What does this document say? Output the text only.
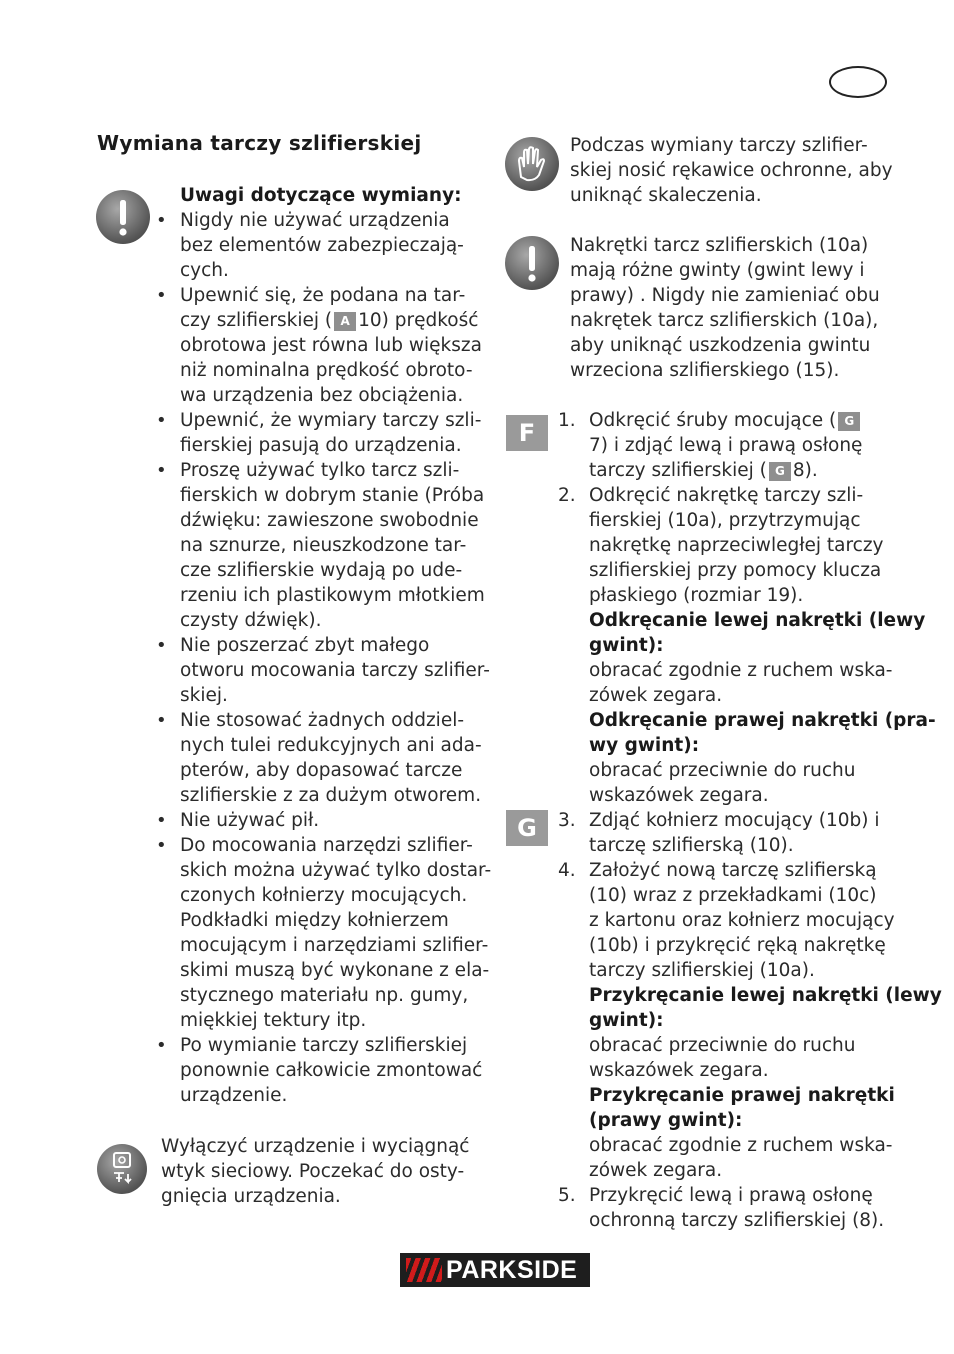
Wymiana tarczy szlifierskiej
Uwagi dotyczące wymiany:
• Nigdy nie używać urządzenia
bez elementów zabezpieczają-
cych.
• Upewnić się, że podana na tar-
czy szlifierskiej ( A 10) prędkość
obrotowa jest równa lub większa
niż nominalna prędkość obroto-
wa urządzenia bez obciążenia.
• Upewnić, że wymiary tarczy szli-
fierskiej pasują do urządzenia.
• Proszę używać tylko tarcz szli-
fierskich w dobrym stanie (Próba
dźwięku: zawieszone swobodnie
na sznurze, nieuszkodzone tar-
cze szlifierskie wydają po ude-
rzeniu ich plastikowym młotkiem
czysty dźwięk).
• Nie poszerzać zbyt małego
otworu mocowania tarczy szlifier-
skiej.
• Nie stosować żadnych oddziel-
nych tulei redukcyjnych ani ada-
pterów, aby dopasować tarcze
szlifierskie z za dużym otworem.
• Nie używać pił.
• Do mocowania narzędzi szlifier-
skich można używać tylko dostar-
czonych kołnierzy mocujących.
Podkładki między kołnierzem
mocującym i narzędziami szlifier-
skimi muszą być wykonane z ela-
stycznego materiału np. gumy,
miękkiej tektury itp.
• Po wymianie tarczy szlifierskiej
ponownie całkowicie zmontować
urządzenie.
Wyłączyć urządzenie i wyciągnąć
wtyk sieciowy. Poczekać do osty-
gnięcia urządzenia.
Podczas wymiany tarczy szlifier-
skiej nosić rękawice ochronne, aby
uniknąć skaleczenia.
Nakrętki tarcz szlifierskich (10a)
mają różne gwinty (gwint lewy i
prawy) . Nigdy nie zamieniać obu
nakrętek tarcz szlifierskich (10a),
aby uniknąć uszkodzenia gwintu
wrzeciona szlifierskiego (15).
F
G
1. Odkręcić śruby mocujące ( G
7) i zdjąć lewą i prawą osłonę
tarczy szlifierskiej ( G 8).
2. Odkręcić nakrętkę tarczy szli-
fierskiej (10a), przytrzymując
nakrętkę naprzeciwległej tarczy
szlifierskiej przy pomocy klucza
płaskiego (rozmiar 19).
Odkręcanie lewej nakrętki (lewy
gwint):
obracać zgodnie z ruchem wska-
zówek zegara.
Odkręcanie prawej nakrętki (pra-
wy gwint):
obracać przeciwnie do ruchu
wskazówek zegara.
3. Zdjąć kołnierz mocujący (10b) i
tarczę szlifierską (10).
4. Założyć nową tarczę szlifierską
(10) wraz z przekładkami (10c)
z kartonu oraz kołnierz mocujący
(10b) i przykręcić ręką nakrętkę
tarczy szlifierskiej (10a).
Przykręcanie lewej nakrętki (lewy
gwint):
obracać przeciwnie do ruchu
wskazówek zegara.
Przykręcanie prawej nakrętki
(prawy gwint):
obracać zgodnie z ruchem wska-
zówek zegara.
5. Przykręcić lewą i prawą osłonę
ochronną tarczy szlifierskiej (8).
PARKSIDE
